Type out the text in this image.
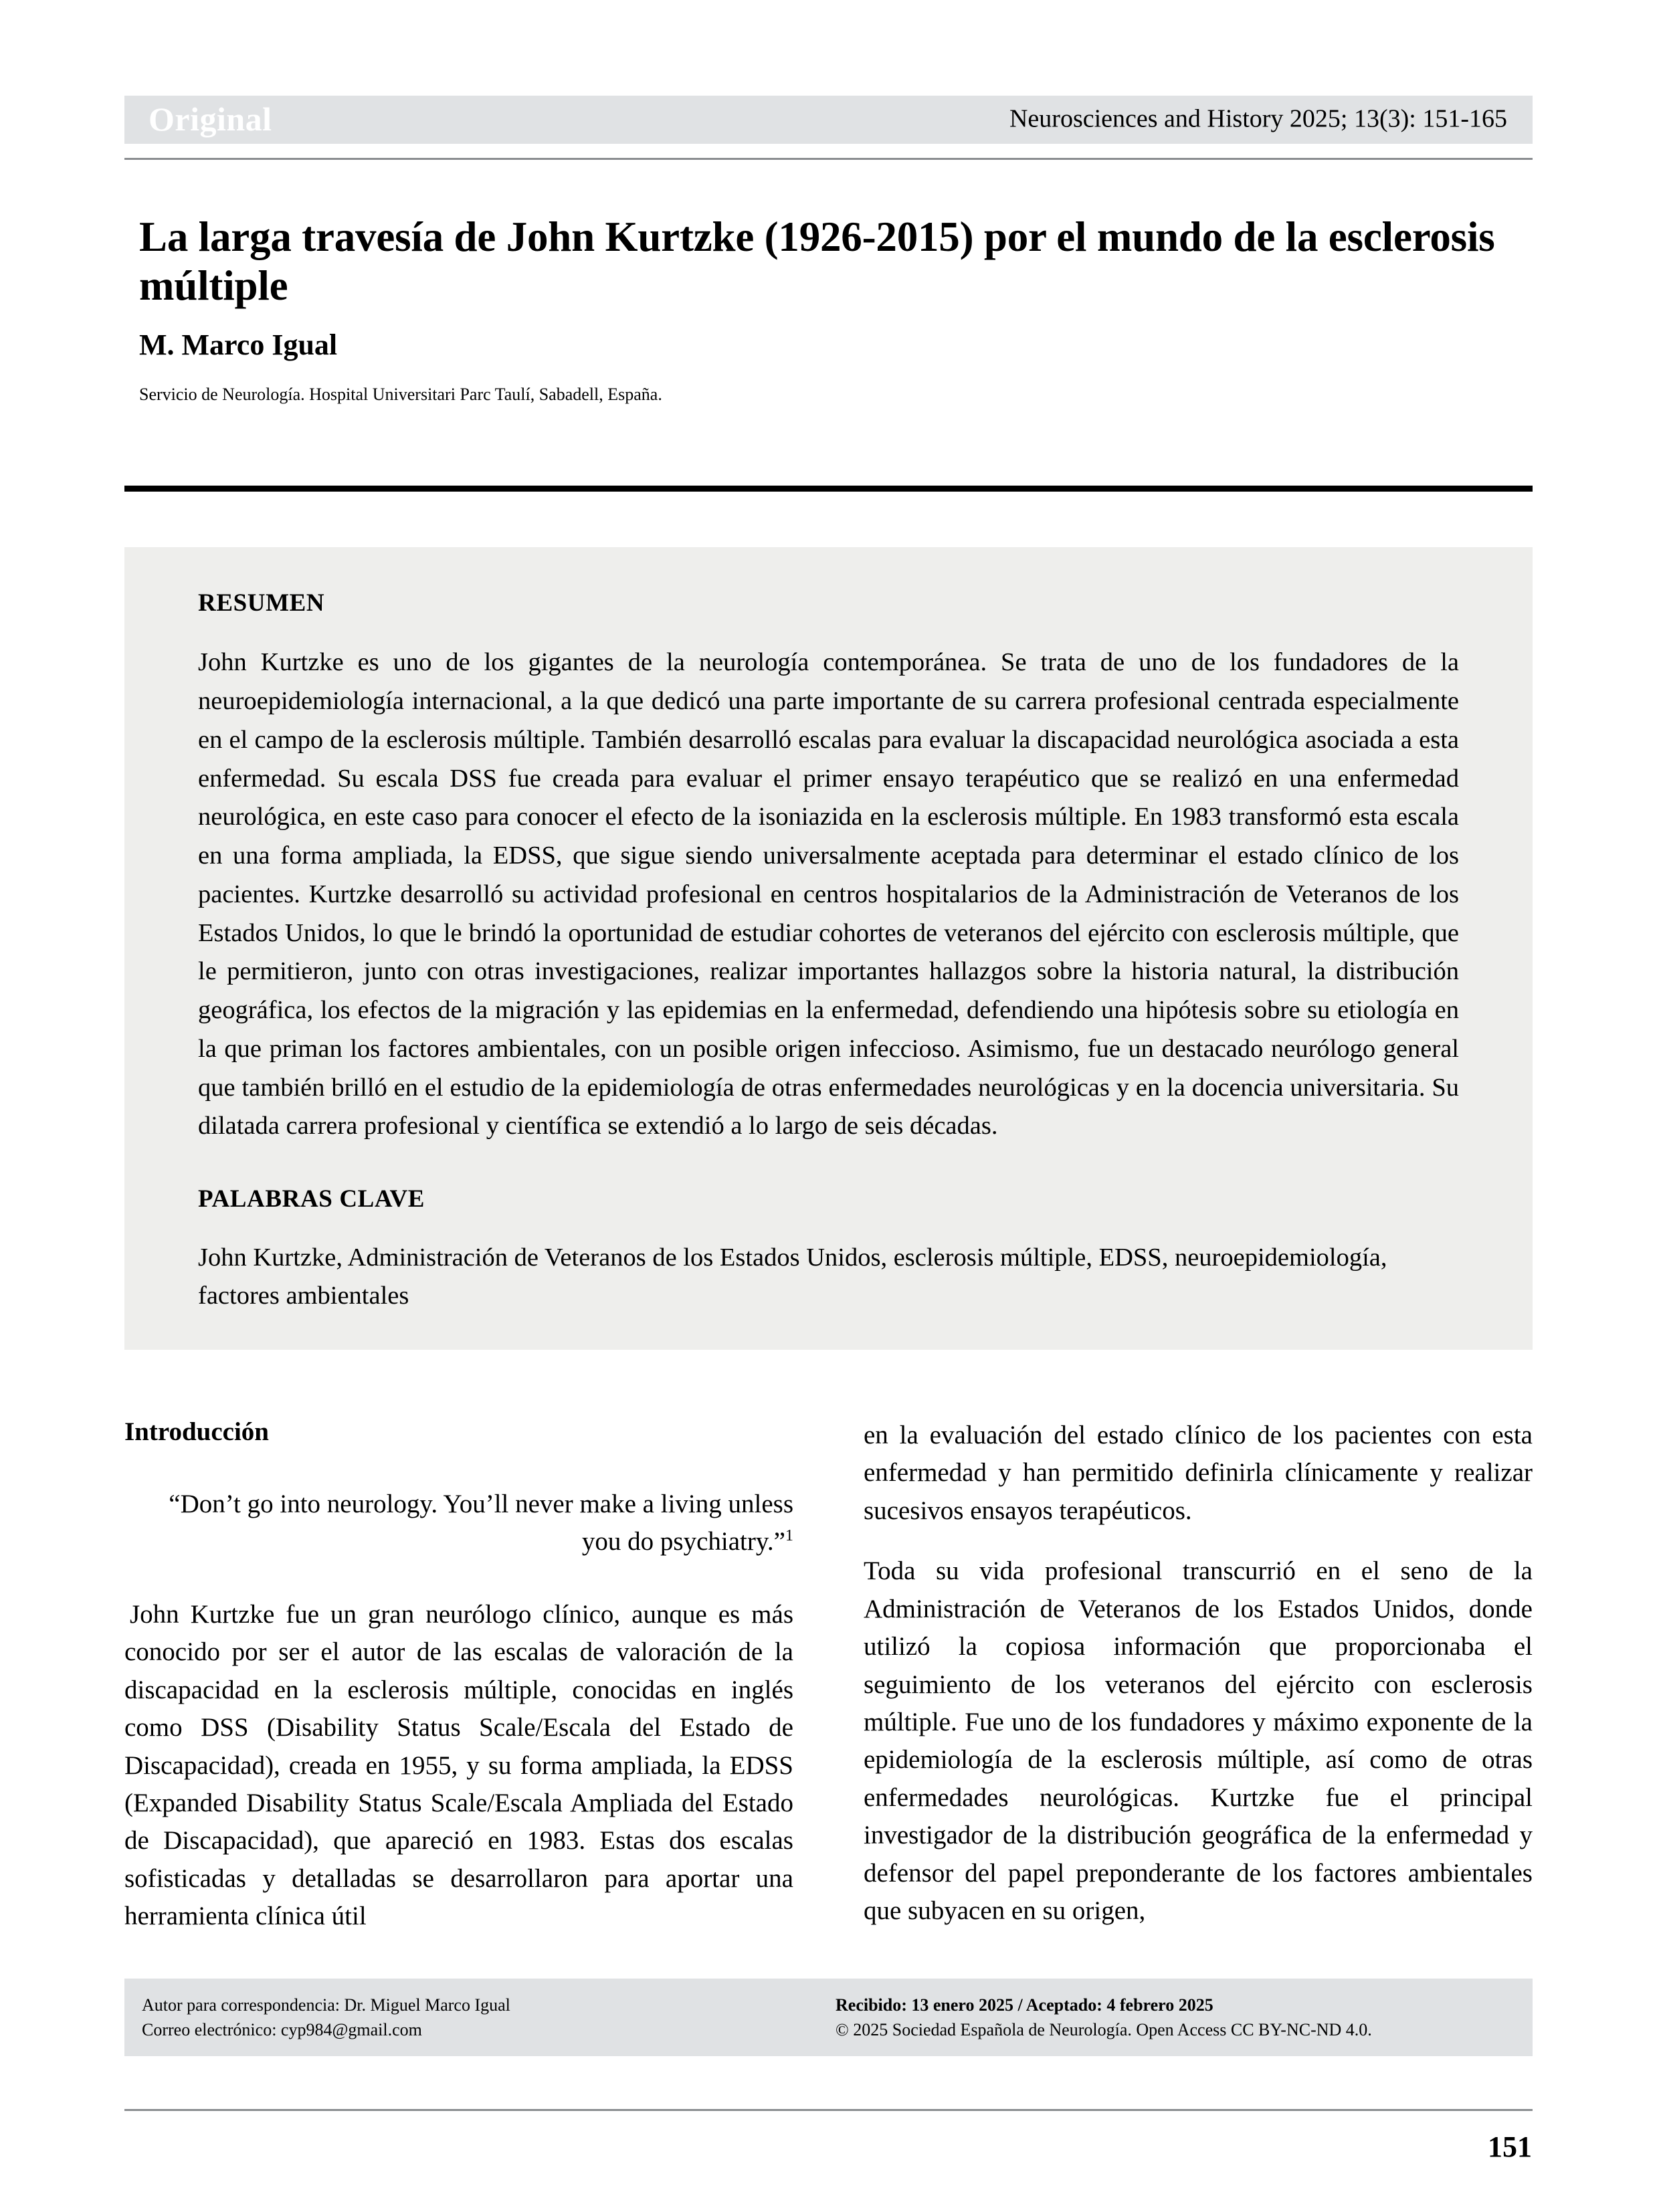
Original	Neurosciences and History 2025; 13(3): 151-165
La larga travesía de John Kurtzke (1926-2015) por el mundo de la esclerosis múltiple

M. Marco Igual

Servicio de Neurología. Hospital Universitari Parc Taulí, Sabadell, España.

RESUMEN

John Kurtzke es uno de los gigantes de la neurología contemporánea. Se trata de uno de los fundadores de la neuroepidemiología internacional, a la que dedicó una parte importante de su carrera profesional centrada especialmente en el campo de la esclerosis múltiple. También desarrolló escalas para evaluar la discapacidad neurológica asociada a esta enfermedad. Su escala DSS fue creada para evaluar el primer ensayo terapéutico que se realizó en una enfermedad neurológica, en este caso para conocer el efecto de la isoniazida en la esclerosis múltiple. En 1983 transformó esta escala en una forma ampliada, la EDSS, que sigue siendo universalmente aceptada para determinar el estado clínico de los pacientes. Kurtzke desarrolló su actividad profesional en centros hospitalarios de la Administración de Veteranos de los Estados Unidos, lo que le brindó la oportunidad de estudiar cohortes de veteranos del ejército con esclerosis múltiple, que le permitieron, junto con otras investigaciones, realizar importantes hallazgos sobre la historia natural, la distribución geográfica, los efectos de la migración y las epidemias en la enfermedad, defendiendo una hipótesis sobre su etiología en la que priman los factores ambientales, con un posible origen infeccioso. Asimismo, fue un destacado neurólogo general que también brilló en el estudio de la epidemiología de otras enfermedades neurológicas y en la docencia universitaria. Su dilatada carrera profesional y científica se extendió a lo largo de seis décadas.

PALABRAS CLAVE

John Kurtzke, Administración de Veteranos de los Estados Unidos, esclerosis múltiple, EDSS, neuroepidemiología, factores ambientales

Introducción

“Don’t go into neurology. You’ll never make a living unless you do psychiatry.”$^1$

John Kurtzke fue un gran neurólogo clínico, aunque es más conocido por ser el autor de las escalas de valoración de la discapacidad en la esclerosis múltiple, conocidas en inglés como DSS (Disability Status Scale/Escala del Estado de Discapacidad), creada en 1955, y su forma ampliada, la EDSS (Expanded Disability Status Scale/Escala Ampliada del Estado de Discapacidad), que apareció en 1983. Estas dos escalas sofisticadas y detalladas se desarrollaron para aportar una herramienta clínica útil

en la evaluación del estado clínico de los pacientes con esta enfermedad y han permitido definirla clínicamente y realizar sucesivos ensayos terapéuticos.

Toda su vida profesional transcurrió en el seno de la Administración de Veteranos de los Estados Unidos, donde utilizó la copiosa información que proporcionaba el seguimiento de los veteranos del ejército con esclerosis múltiple. Fue uno de los fundadores y máximo exponente de la epidemiología de la esclerosis múltiple, así como de otras enfermedades neurológicas. Kurtzke fue el principal investigador de la distribución geográfica de la enfermedad y defensor del papel preponderante de los factores ambientales que subyacen en su origen,

Autor para correspondencia: Dr. Miguel Marco Igual

Correo electrónico: cyp984@gmail.com

Recibido: 13 enero 2025 / Aceptado: 4 febrero 2025

© 2025 Sociedad Española de Neurología. Open Access CC BY-NC-ND 4.0.

151
